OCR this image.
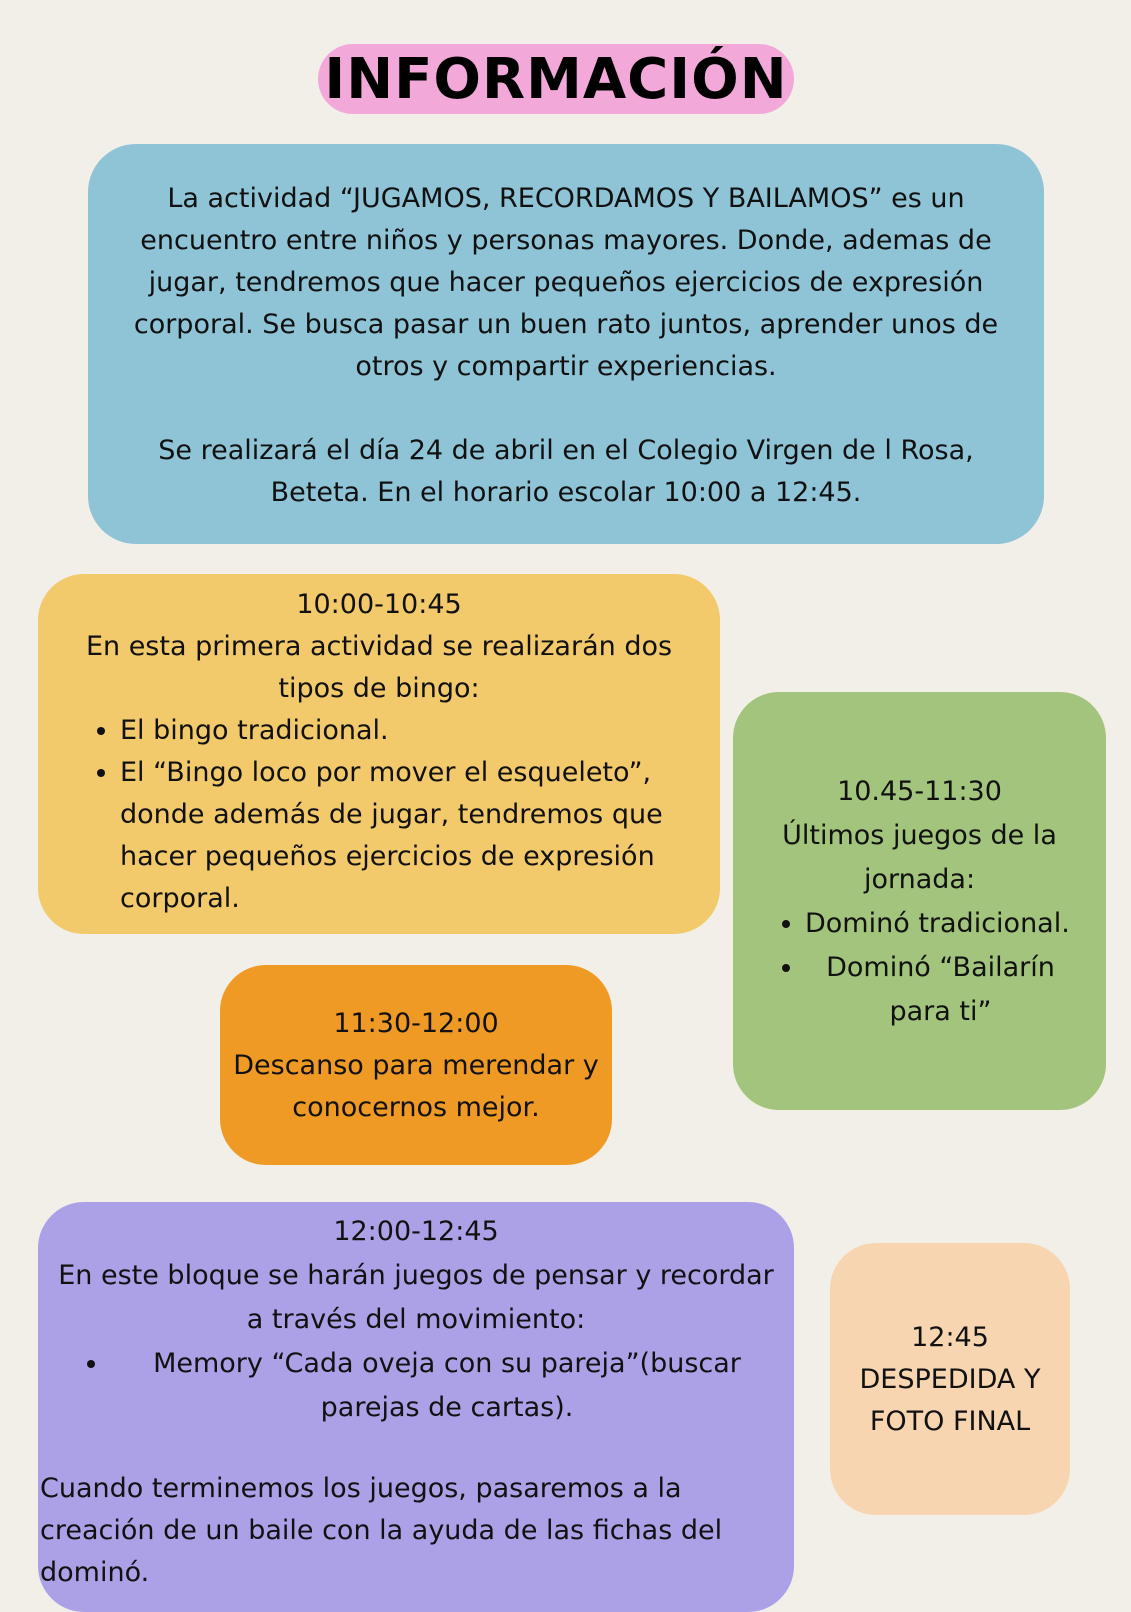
INFORMACIÓN

La actividad “JUGAMOS, RECORDAMOS Y BAILAMOS” es un encuentro entre niños y personas mayores. Donde, ademas de jugar, tendremos que hacer pequeños ejercicios de expresión corporal. Se busca pasar un buen rato juntos, aprender unos de otros y compartir experiencias.

Se realizará el día 24 de abril en el Colegio Virgen de l Rosa, Beteta. En el horario escolar 10:00 a 12:45.

10:00-10:45
En esta primera actividad se realizarán dos tipos de bingo:
• El bingo tradicional.
• El “Bingo loco por mover el esqueleto”, donde además de jugar, tendremos que hacer pequeños ejercicios de expresión corporal.
10.45-11:30
Últimos juegos de la jornada:
• Dominó tradicional.
• Dominó “Bailarín para ti”
11:30-12:00
Descanso para merendar y conocernos mejor.
12:00-12:45
En este bloque se harán juegos de pensar y recordar a través del movimiento:
• Memory “Cada oveja con su pareja”(buscar parejas de cartas).
Cuando terminemos los juegos, pasaremos a la creación de un baile con la ayuda de las fichas del dominó.
12:45
DESPEDIDA Y FOTO FINAL
